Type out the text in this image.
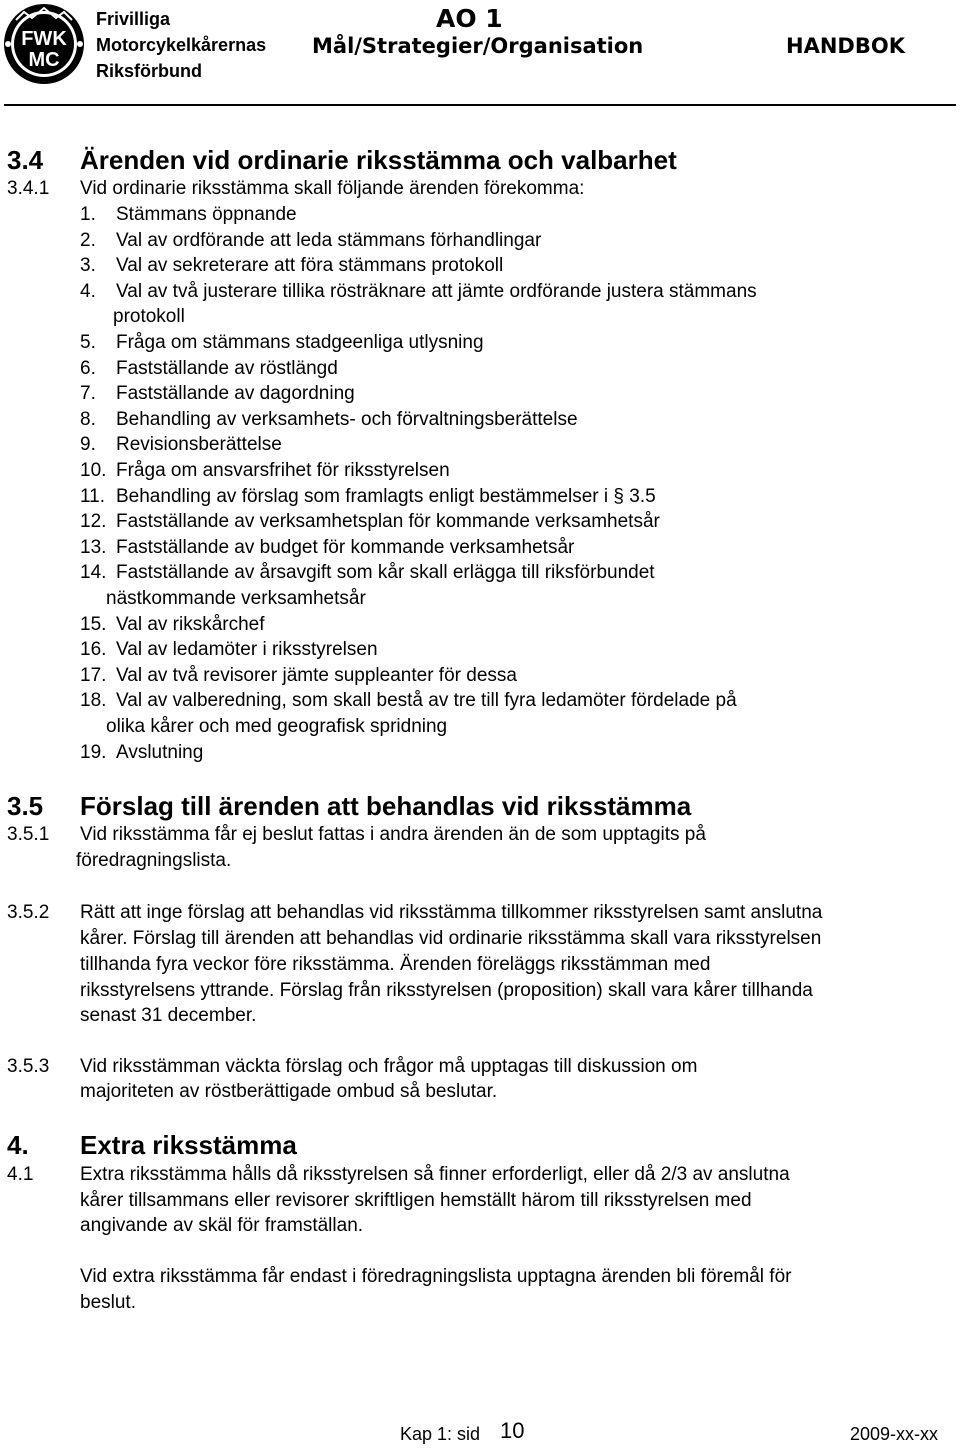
FWK
MC
Frivilliga
Motorcykelkårernas
Riksförbund
AO 1
Mål/Strategier/Organisation	HANDBOK
3.4 Ärenden vid ordinarie riksstämma och valbarhet
3.4.1 Vid ordinarie riksstämma skall följande ärenden förekomma:
1. Stämmans öppnande
2. Val av ordförande att leda stämmans förhandlingar
3. Val av sekreterare att föra stämmans protokoll
4. Val av två justerare tillika rösträknare att jämte ordförande justera stämmans
protokoll
5. Fråga om stämmans stadgeenliga utlysning
6. Fastställande av röstlängd
7. Fastställande av dagordning
8. Behandling av verksamhets- och förvaltningsberättelse
9. Revisionsberättelse
10. Fråga om ansvarsfrihet för riksstyrelsen
11. Behandling av förslag som framlagts enligt bestämmelser i § 3.5
12. Fastställande av verksamhetsplan för kommande verksamhetsår
13. Fastställande av budget för kommande verksamhetsår
14. Fastställande av årsavgift som kår skall erlägga till riksförbundet
nästkommande verksamhetsår
15. Val av rikskårchef
16. Val av ledamöter i riksstyrelsen
17. Val av två revisorer jämte suppleanter för dessa
18. Val av valberedning, som skall bestå av tre till fyra ledamöter fördelade på
olika kårer och med geografisk spridning
19. Avslutning
3.5 Förslag till ärenden att behandlas vid riksstämma
3.5.1 Vid riksstämma får ej beslut fattas i andra ärenden än de som upptagits på
föredragningslista.
3.5.2 Rätt att inge förslag att behandlas vid riksstämma tillkommer riksstyrelsen samt anslutna
kårer. Förslag till ärenden att behandlas vid ordinarie riksstämma skall vara riksstyrelsen
tillhanda fyra veckor före riksstämma. Ärenden föreläggs riksstämman med
riksstyrelsens yttrande. Förslag från riksstyrelsen (proposition) skall vara kårer tillhanda
senast 31 december.
3.5.3 Vid riksstämman väckta förslag och frågor må upptagas till diskussion om
majoriteten av röstberättigade ombud så beslutar.
4. Extra riksstämma
4.1 Extra riksstämma hålls då riksstyrelsen så finner erforderligt, eller då 2/3 av anslutna
kårer tillsammans eller revisorer skriftligen hemställt härom till riksstyrelsen med
angivande av skäl för framställan.
Vid extra riksstämma får endast i föredragningslista upptagna ärenden bli föremål för
beslut.
Kap 1: sid 10	2009-xx-xx
